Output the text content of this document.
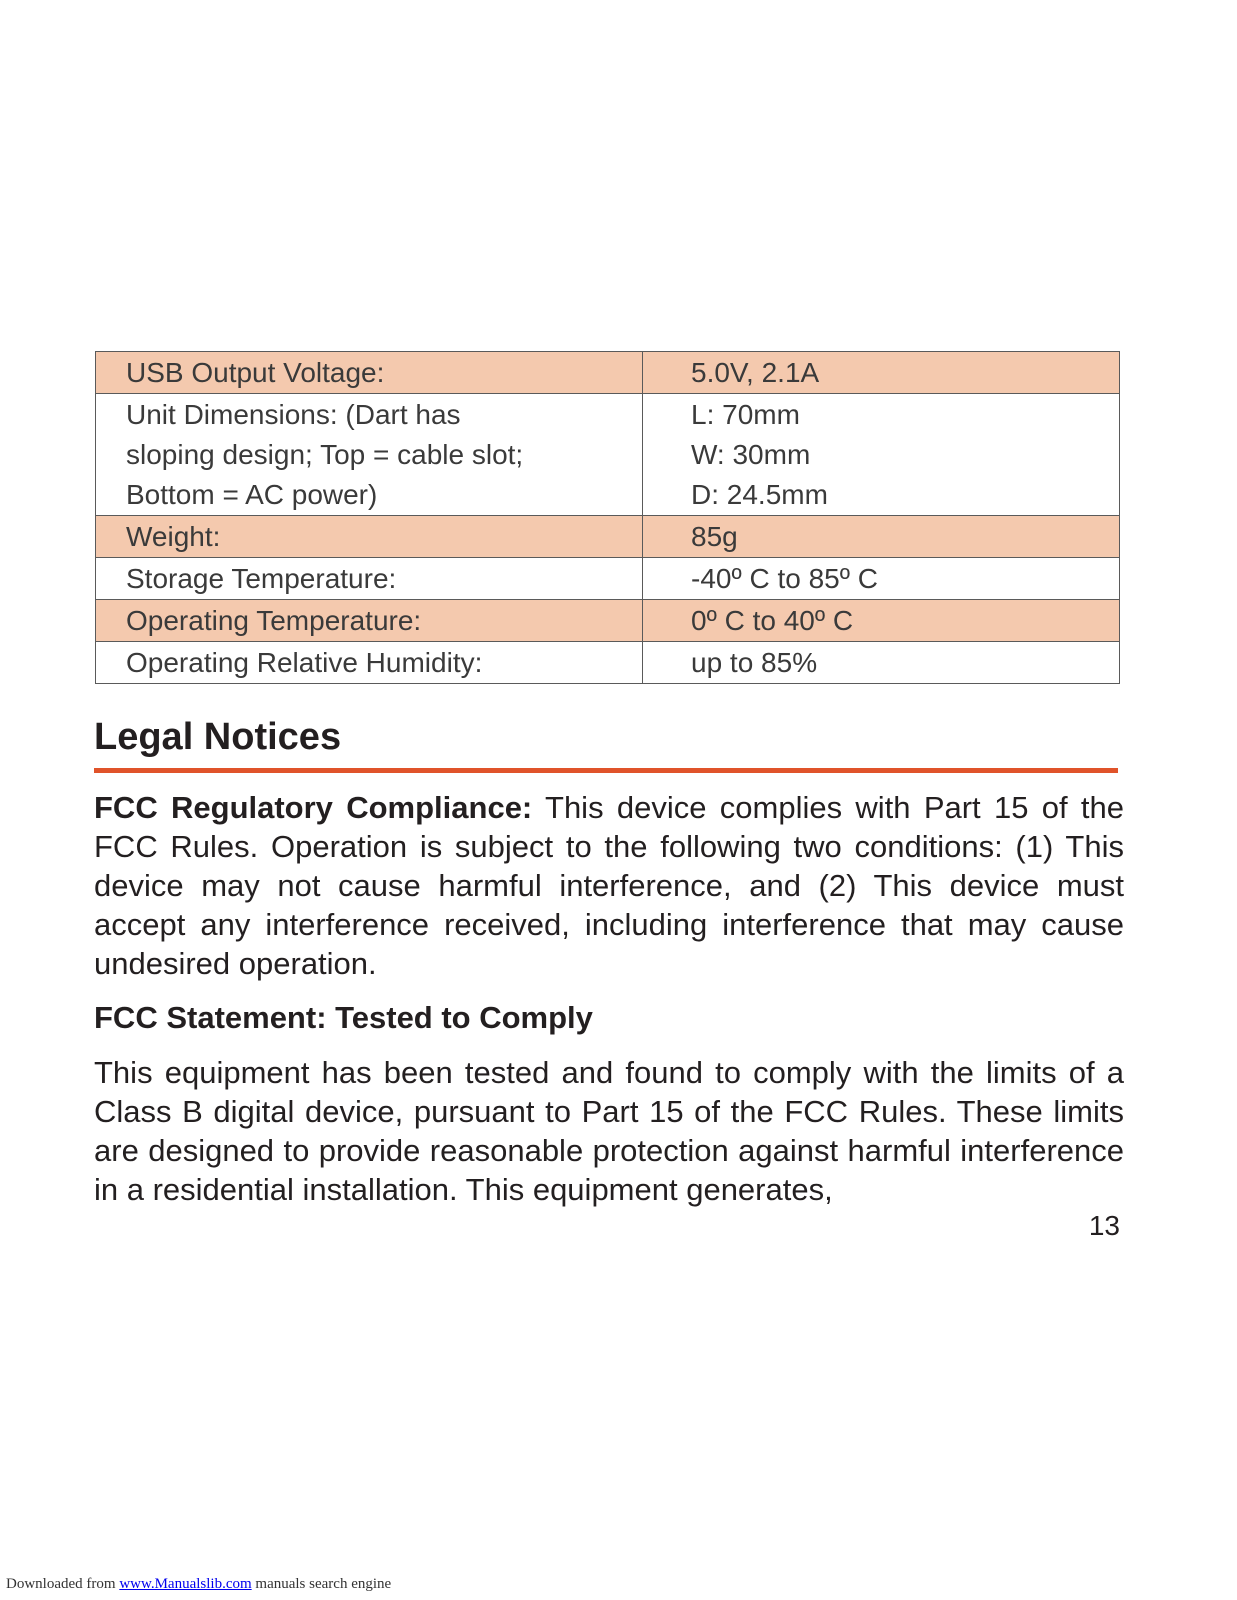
USB Output Voltage:	5.0V, 2.1A

Unit Dimensions: (Dart has
sloping design; Top = cable slot;
Bottom = AC power)	L: 70mm
W: 30mm
D: 24.5mm

Weight:	85g

Storage Temperature:	-40º C to 85º C

Operating Temperature:	0º C to 40º C

Operating Relative Humidity:	up to 85%
Legal Notices

FCC Regulatory Compliance: This device complies with Part 15 of the FCC Rules. Operation is subject to the following two conditions: (1) This device may not cause harmful interference, and (2) This device must accept any interference received, including interference that may cause undesired operation.

FCC Statement: Tested to Comply

This equipment has been tested and found to comply with the limits of a Class B digital device, pursuant to Part 15 of the FCC Rules. These limits are designed to provide reasonable protection against harmful interference in a residential installation. This equipment generates,

13
Downloaded from www.Manualslib.com manuals search engine
